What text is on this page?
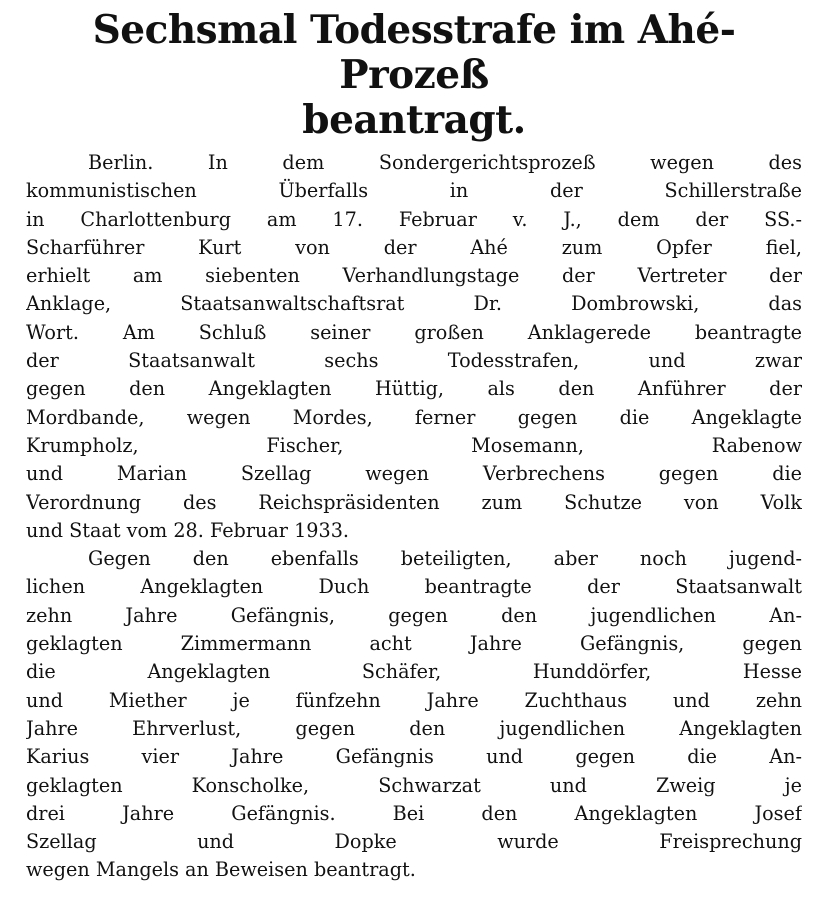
Sechsmal Todesstrafe im Ahé-Prozeß
beantragt.
Berlin. In dem Sondergerichtsprozeß wegen des
kommunistischen Überfalls in der Schillerstraße
in Charlottenburg am 17. Februar v. J., dem der SS.-
Scharführer Kurt von der Ahé zum Opfer fiel,
erhielt am siebenten Verhandlungstage der Vertreter der
Anklage, Staatsanwaltschaftsrat Dr. Dombrowski, das
Wort. Am Schluß seiner großen Anklagerede beantragte
der Staatsanwalt sechs Todesstrafen, und zwar
gegen den Angeklagten Hüttig, als den Anführer der
Mordbande, wegen Mordes, ferner gegen die Angeklagte
Krumpholz, Fischer, Mosemann, Rabenow
und Marian Szellag wegen Verbrechens gegen die
Verordnung des Reichspräsidenten zum Schutze von Volk
und Staat vom 28. Februar 1933.
Gegen den ebenfalls beteiligten, aber noch jugend-
lichen Angeklagten Duch beantragte der Staatsanwalt
zehn Jahre Gefängnis, gegen den jugendlichen An-
geklagten Zimmermann acht Jahre Gefängnis, gegen
die Angeklagten Schäfer, Hunddörfer, Hesse
und Miether je fünfzehn Jahre Zuchthaus und zehn
Jahre Ehrverlust, gegen den jugendlichen Angeklagten
Karius vier Jahre Gefängnis und gegen die An-
geklagten Konscholke, Schwarzat und Zweig je
drei Jahre Gefängnis. Bei den Angeklagten Josef
Szellag und Dopke wurde Freisprechung
wegen Mangels an Beweisen beantragt.
